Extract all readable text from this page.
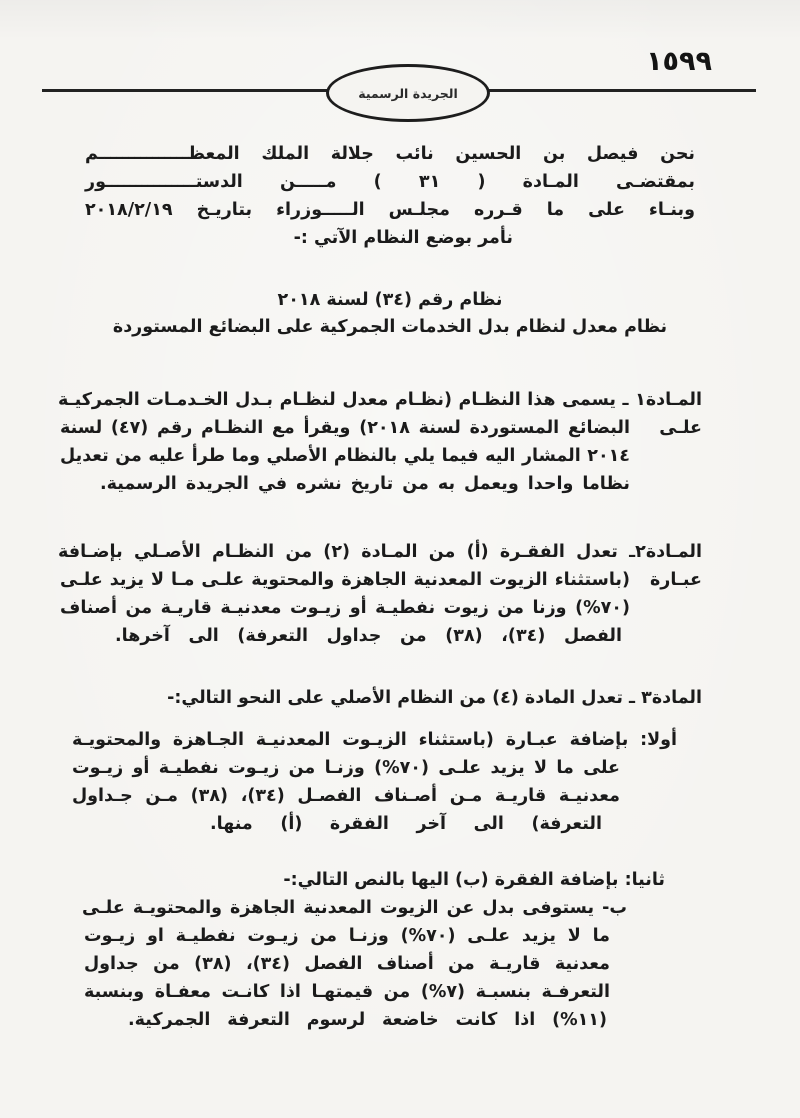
١٥٩٩
الجريدة الرسمية
نحن فيصل بن الحسين نائب جلالة الملك المعظـــــــــــــــم
بمقتضـى المـادة ( ٣١ ) مـــــن الدستـــــــــــــــور
وبنـاء على ما قـرره مجلـس الـــــوزراء بتاريـخ ٢٠١٨/٢/١٩
نأمر بوضع النظام الآتي :-
نظام رقم (٣٤) لسنة ٢٠١٨
نظام معدل لنظام بدل الخدمات الجمركية على البضائع المستوردة
المـادة١ ـ يسمى هذا النظـام (نظـام معدل لنظـام بـدل الخـدمـات الجمركيـة علـى
البضائع المستوردة لسنة ٢٠١٨) ويقرأ مع النظـام رقم (٤٧) لسنة
٢٠١٤ المشار اليه فيما يلي بالنظام الأصلي وما طرأ عليه من تعديل
نظاما واحدا ويعمل به من تاريخ نشره في الجريدة الرسمية.
المـادة٢ـ تعدل الفقـرة (أ) من المـادة (٢) من النظـام الأصـلي بإضـافة عبـارة
(باستثناء الزيوت المعدنية الجاهزة والمحتوية علـى مـا لا يزيد علـى
(٧٠%) وزنا من زيوت نفطيـة أو زيـوت معدنيـة قاريـة من أصناف
الفصل (٣٤)، (٣٨) من جداول التعرفة) الى آخرها.
المادة٣ ـ تعدل المادة (٤) من النظام الأصلي على النحو التالي:-
أولا: بإضافة عبـارة (باستثناء الزيـوت المعدنيـة الجـاهزة والمحتويـة
على ما لا يزيد علـى (٧٠%) وزنـا من زيـوت نفطيـة أو زيـوت
معدنيـة قاريـة مـن أصـناف الفصـل (٣٤)، (٣٨) مـن جـداول
التعرفة) الى آخر الفقرة (أ) منها.
ثانيا: بإضافة الفقرة (ب) اليها بالنص التالي:-
ب- يستوفى بدل عن الزيوت المعدنية الجاهزة والمحتويـة علـى
ما لا يزيد علـى (٧٠%) وزنـا من زيـوت نفطيـة او زيـوت
معدنية قاريـة من أصناف الفصل (٣٤)، (٣٨) من جداول
التعرفـة بنسبـة (٧%) من قيمتهـا اذا كانـت معفـاة وبنسبة
(١١%) اذا كانت خاضعة لرسوم التعرفة الجمركية.
